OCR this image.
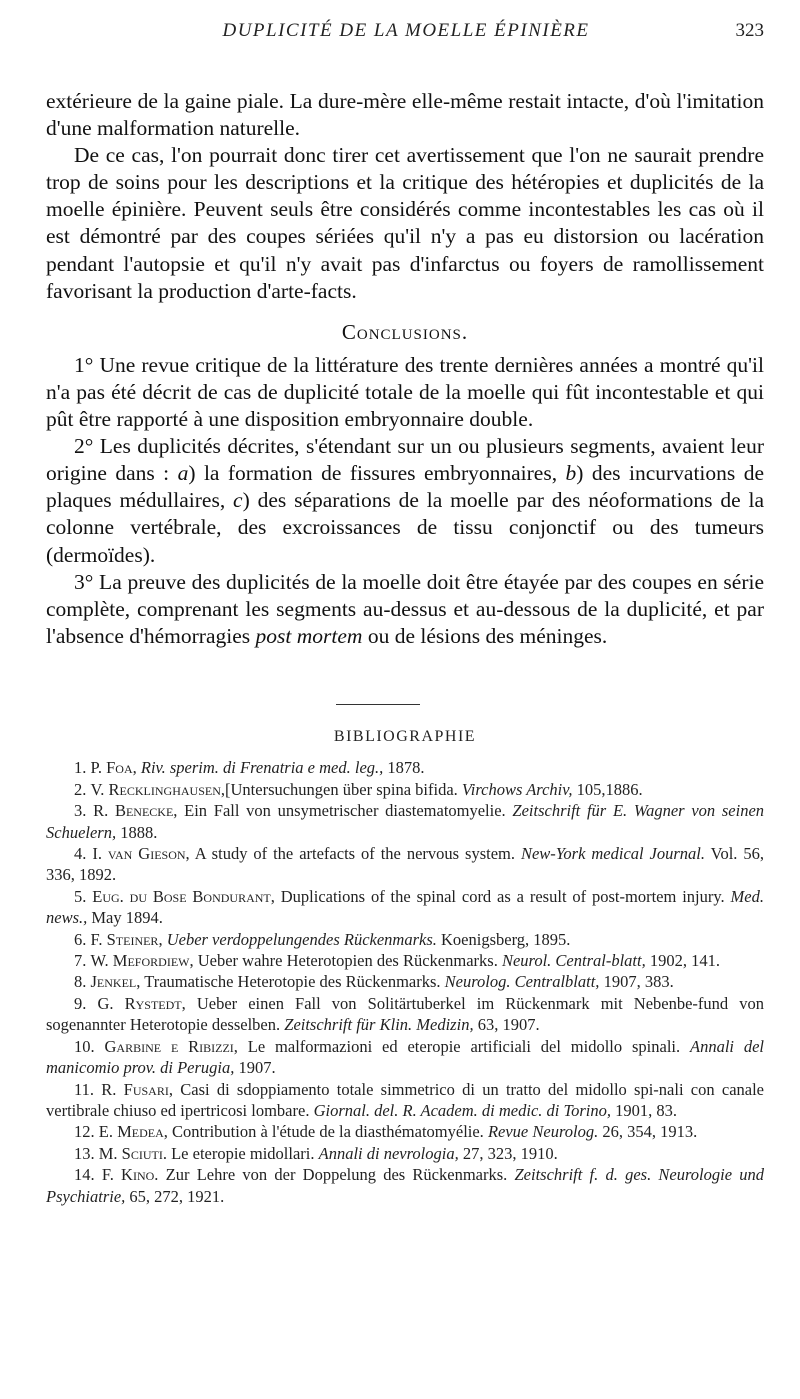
DUPLICITÉ DE LA MOELLE ÉPINIÈRE	323

extérieure de la gaine piale. La dure-mère elle-même restait intacte, d'où l'imitation d'une malformation naturelle.

De ce cas, l'on pourrait donc tirer cet avertissement que l'on ne saurait prendre trop de soins pour les descriptions et la critique des hétéropies et duplicités de la moelle épinière. Peuvent seuls être considérés comme incontestables les cas où il est démontré par des coupes sériées qu'il n'y a pas eu distorsion ou lacération pendant l'autopsie et qu'il n'y avait pas d'infarctus ou foyers de ramollissement favorisant la production d'arte-facts.

Conclusions.

1° Une revue critique de la littérature des trente dernières années a montré qu'il n'a pas été décrit de cas de duplicité totale de la moelle qui fût incontestable et qui pût être rapporté à une disposition embryonnaire double.

2° Les duplicités décrites, s'étendant sur un ou plusieurs segments, avaient leur origine dans : a) la formation de fissures embryonnaires, b) des incurvations de plaques médullaires, c) des séparations de la moelle par des néoformations de la colonne vertébrale, des excroissances de tissu conjonctif ou des tumeurs (dermoïdes).

3° La preuve des duplicités de la moelle doit être étayée par des coupes en série complète, comprenant les segments au-dessus et au-dessous de la duplicité, et par l'absence d'hémorragies post mortem ou de lésions des méninges.

BIBLIOGRAPHIE

1. P. Foa, Riv. sperim. di Frenatria e med. leg., 1878.

2. V. Recklinghausen,[Untersuchungen über spina bifida. Virchows Archiv, 105,1886.

3. R. Benecke, Ein Fall von unsymetrischer diastematomyelie. Zeitschrift für E. Wagner von seinen Schuelern, 1888.

4. I. van Gieson, A study of the artefacts of the nervous system. New-York medical Journal. Vol. 56, 336, 1892.

5. Eug. du Bose Bondurant, Duplications of the spinal cord as a result of post-mortem injury. Med. news., May 1894.

6. F. Steiner, Ueber verdoppelungendes Rückenmarks. Koenigsberg, 1895.

7. W. Mefordiew, Ueber wahre Heterotopien des Rückenmarks. Neurol. Central-blatt, 1902, 141.

8. Jenkel, Traumatische Heterotopie des Rückenmarks. Neurolog. Centralblatt, 1907, 383.

9. G. Rystedt, Ueber einen Fall von Solitärtuberkel im Rückenmark mit Nebenbe-fund von sogenannter Heterotopie desselben. Zeitschrift für Klin. Medizin, 63, 1907.

10. Garbine e Ribizzi, Le malformazioni ed eteropie artificiali del midollo spinali. Annali del manicomio prov. di Perugia, 1907.

11. R. Fusari, Casi di sdoppiamento totale simmetrico di un tratto del midollo spi-nali con canale vertibrale chiuso ed ipertricosi lombare. Giornal. del. R. Academ. di medic. di Torino, 1901, 83.

12. E. Medea, Contribution à l'étude de la diasthématomyélie. Revue Neurolog. 26, 354, 1913.

13. M. Sciuti. Le eteropie midollari. Annali di nevrologia, 27, 323, 1910.

14. F. Kino. Zur Lehre von der Doppelung des Rückenmarks. Zeitschrift f. d. ges. Neurologie und Psychiatrie, 65, 272, 1921.
